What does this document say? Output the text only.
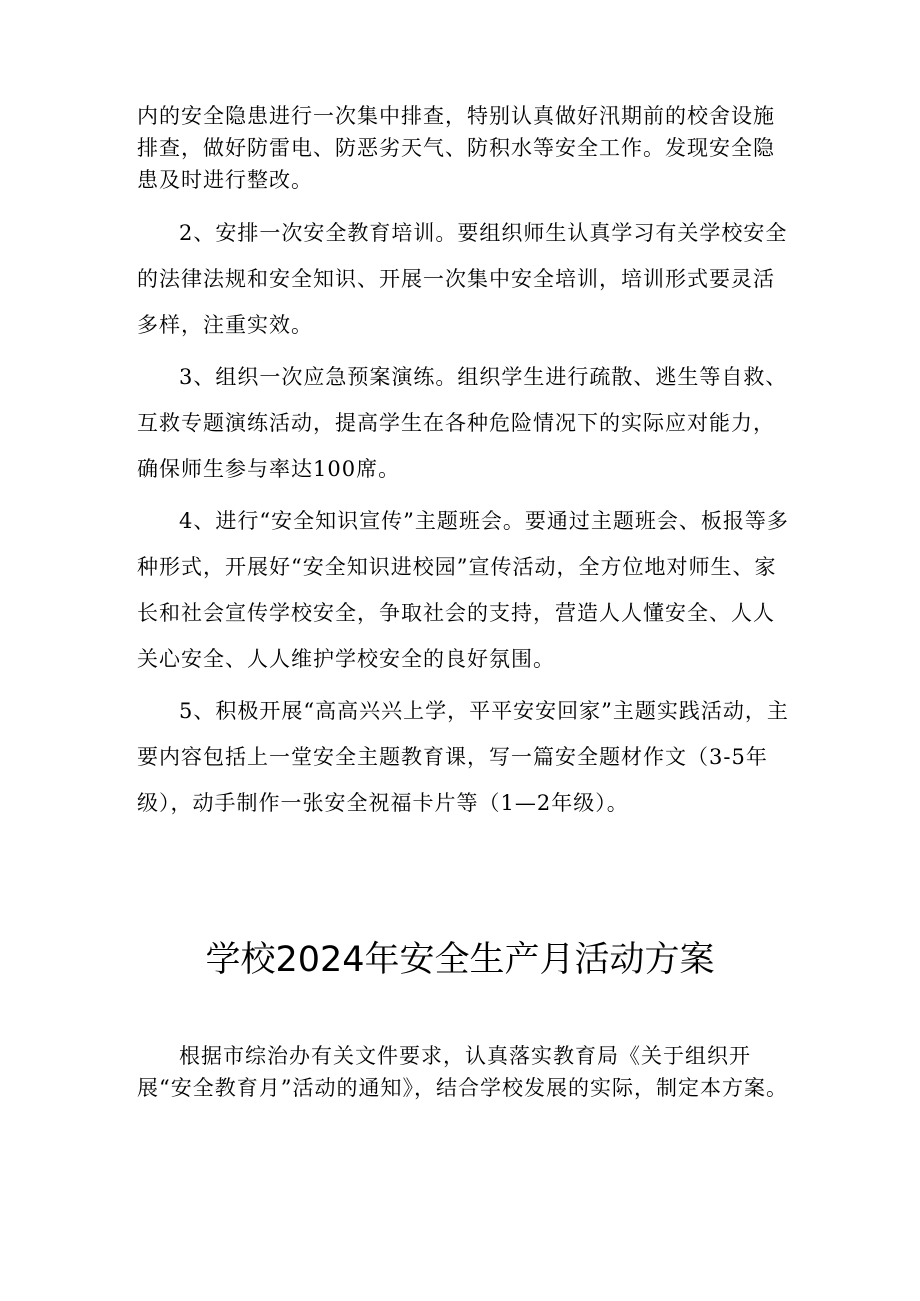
内的安全隐患进行一次集中排查，特别认真做好汛期前的校舍设施排查，做好防雷电、防恶劣天气、防积水等安全工作。发现安全隐患及时进行整改。

2、安排一次安全教育培训。要组织师生认真学习有关学校安全的法律法规和安全知识、开展一次集中安全培训，培训形式要灵活多样，注重实效。

3、组织一次应急预案演练。组织学生进行疏散、逃生等自救、互救专题演练活动，提高学生在各种危险情况下的实际应对能力，确保师生参与率达100席。

4、进行“安全知识宣传”主题班会。要通过主题班会、板报等多种形式，开展好“安全知识进校园”宣传活动，全方位地对师生、家长和社会宣传学校安全，争取社会的支持，营造人人懂安全、人人关心安全、人人维护学校安全的良好氛围。

5、积极开展“高高兴兴上学，平平安安回家”主题实践活动，主要内容包括上一堂安全主题教育课，写一篇安全题材作文（3-5年级），动手制作一张安全祝福卡片等（1—2年级）。

学校2024年安全生产月活动方案

根据市综治办有关文件要求，认真落实教育局《关于组织开展“安全教育月”活动的通知》，结合学校发展的实际，制定本方案。
